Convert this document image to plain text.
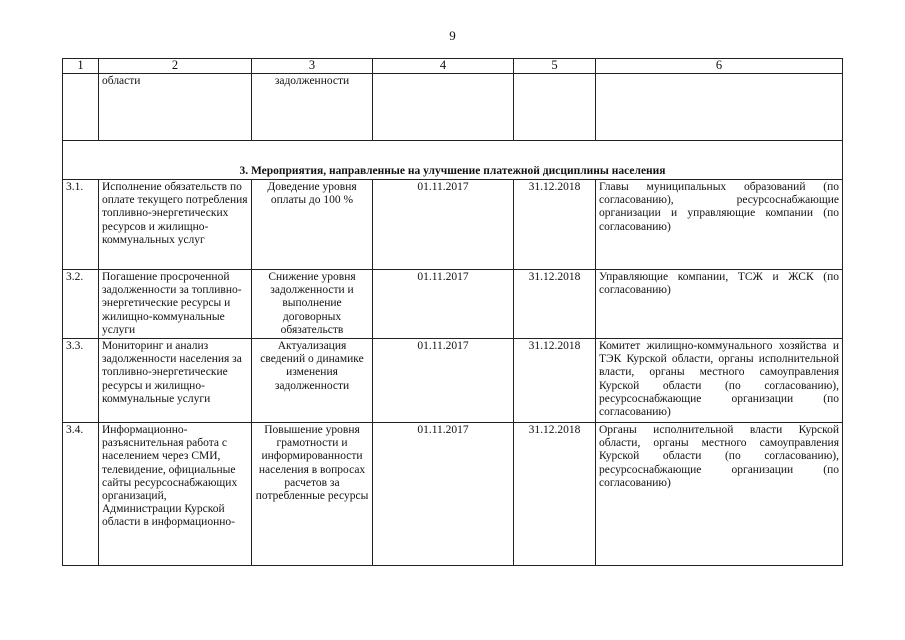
9
1	2	3	4	5	6
	области	задолженности			
3. Мероприятия, направленные на улучшение платежной дисциплины населения					
3.1.	Исполнение обязательств по оплате текущего потребления топливно-энергетических ресурсов и жилищно-коммунальных услуг	Доведение уровня оплаты до 100 %	01.11.2017	31.12.2018	Главы муниципальных образований (по согласованию), ресурсоснабжающие организации и управляющие компании (по согласованию)
3.2.	Погашение просроченной задолженности за топливно-энергетические ресурсы и жилищно-коммунальные услуги	Снижение уровня задолженности и выполнение договорных обязательств	01.11.2017	31.12.2018	Управляющие компании, ТСЖ и ЖСК (по согласованию)
3.3.	Мониторинг и анализ задолженности населения за топливно-энергетические ресурсы и жилищно-коммунальные услуги	Актуализация сведений о динамике изменения задолженности	01.11.2017	31.12.2018	Комитет жилищно-коммунального хозяйства и ТЭК Курской области, органы исполнительной власти, органы местного самоуправления Курской области (по согласованию), ресурсоснабжающие организации (по согласованию)
3.4.	Информационно-разъяснительная работа с населением через СМИ, телевидение, официальные сайты ресурсоснабжающих организаций, Администрации Курской области в информационно-	Повышение уровня грамотности и информированности населения в вопросах расчетов за потребленные ресурсы	01.11.2017	31.12.2018	Органы исполнительной власти Курской области, органы местного самоуправления Курской области (по согласованию), ресурсоснабжающие организации (по согласованию)
